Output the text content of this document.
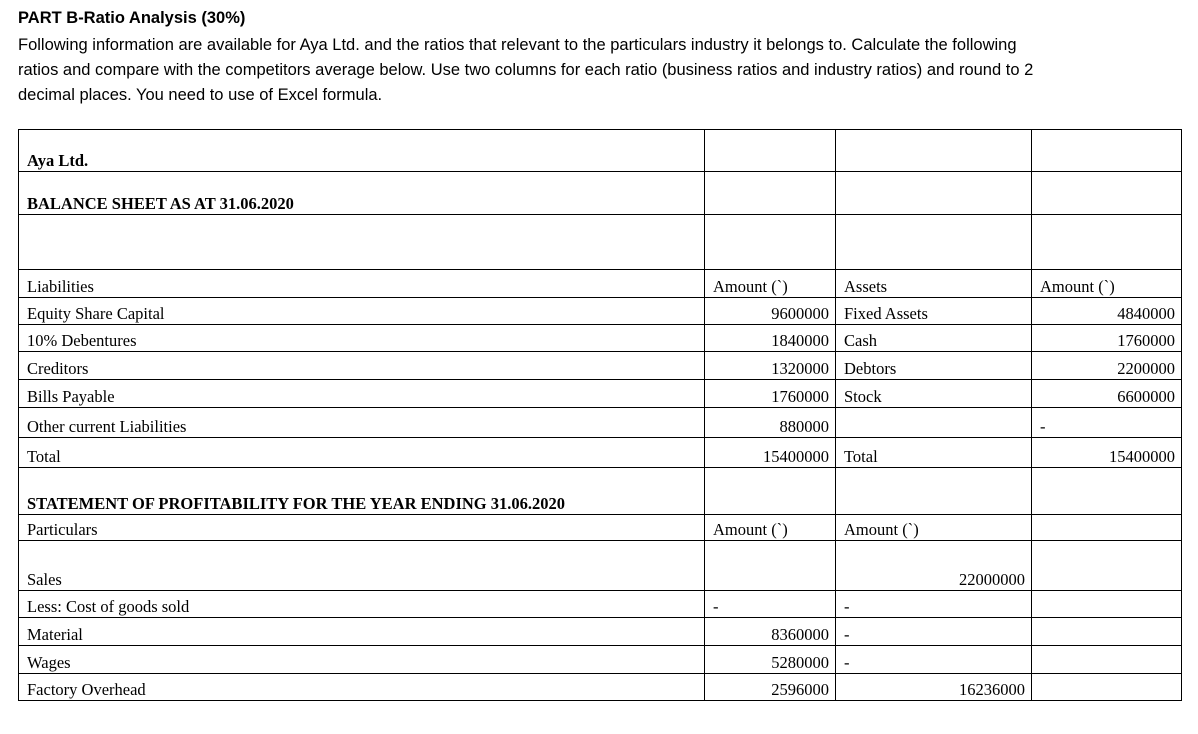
PART B-Ratio Analysis (30%)
Following information are available for Aya Ltd. and the ratios that relevant to the particulars industry it belongs to. Calculate the following
ratios and compare with the competitors average below. Use two columns for each ratio (business ratios and industry ratios) and round to 2
decimal places. You need to use of Excel formula.
Aya Ltd.			
BALANCE SHEET AS AT 31.06.2020			

Liabilities	Amount (`)	Assets	Amount (`)
Equity Share Capital	9600000	Fixed Assets	4840000
10% Debentures	1840000	Cash	1760000
Creditors	1320000	Debtors	2200000
Bills Payable	1760000	Stock	6600000
Other current Liabilities	880000		-
Total	15400000	Total	15400000
STATEMENT OF PROFITABILITY FOR THE YEAR ENDING 31.06.2020			
Particulars	Amount (`)	Amount (`)	
Sales		22000000	
Less: Cost of goods sold	-	-	
Material	8360000	-	
Wages	5280000	-	
Factory Overhead	2596000	16236000	
